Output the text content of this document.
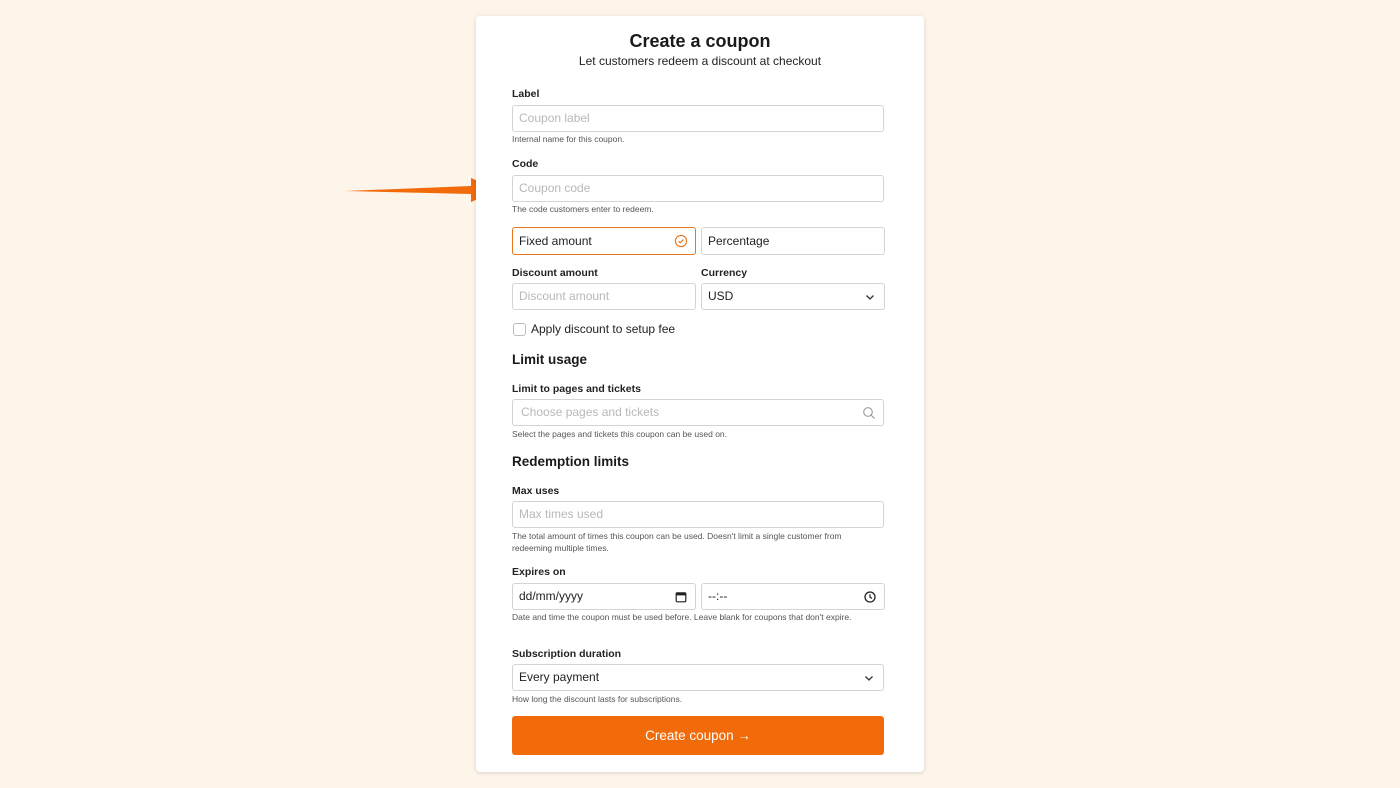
Create a coupon
Let customers redeem a discount at checkout
Label
Coupon label
Internal name for this coupon.
Code
Coupon code
The code customers enter to redeem.
Fixed amount	Percentage
Discount amount
Discount amount
Currency
USD
Apply discount to setup fee
Limit usage
Limit to pages and tickets
Choose pages and tickets
Select the pages and tickets this coupon can be used on.
Redemption limits
Max uses
Max times used
The total amount of times this coupon can be used. Doesn't limit a single customer from redeeming multiple times.
Expires on
dd/mm/yyyy	--:--
Date and time the coupon must be used before. Leave blank for coupons that don't expire.
Subscription duration
Every payment
How long the discount lasts for subscriptions.
Create coupon →
